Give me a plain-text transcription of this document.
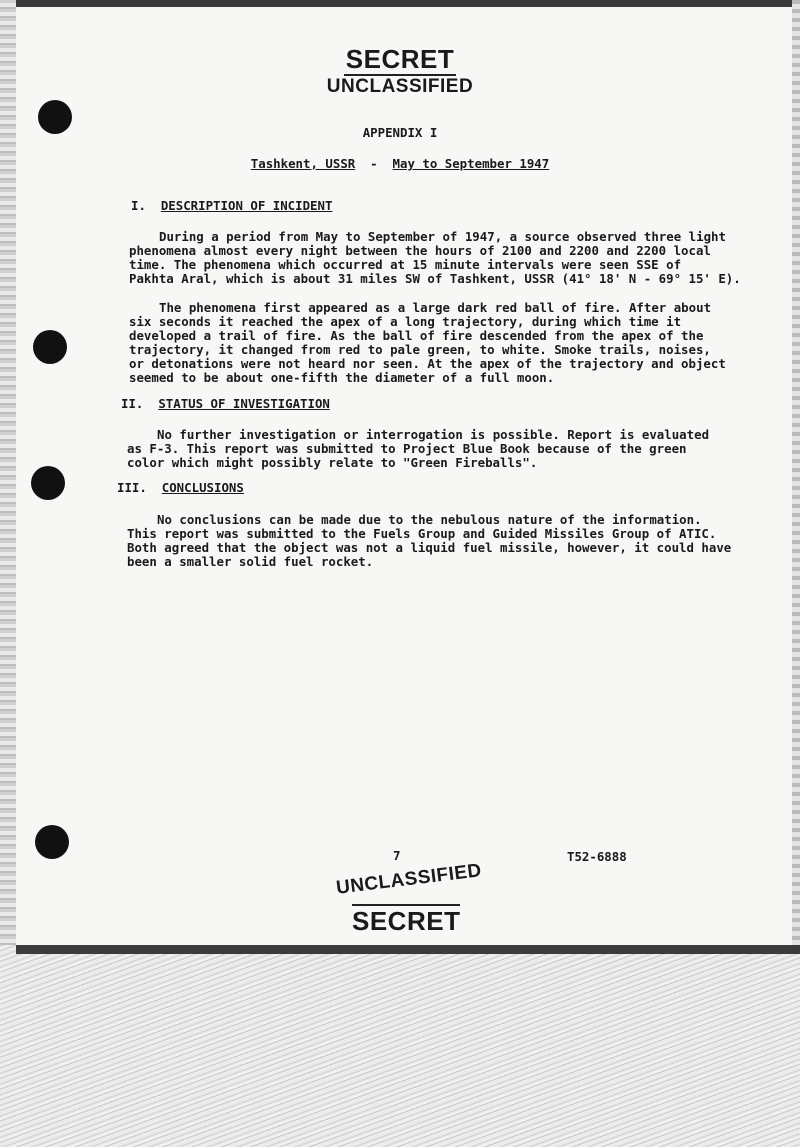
SECRET
UNCLASSIFIED
APPENDIX I
Tashkent, USSR - May to September 1947
I. DESCRIPTION OF INCIDENT
During a period from May to September of 1947, a source observed three light
phenomena almost every night between the hours of 2100 and 2200 and 2200 local
time. The phenomena which occurred at 15 minute intervals were seen SSE of
Pakhta Aral, which is about 31 miles SW of Tashkent, USSR (41° 18' N - 69° 15' E).
The phenomena first appeared as a large dark red ball of fire. After about
six seconds it reached the apex of a long trajectory, during which time it
developed a trail of fire. As the ball of fire descended from the apex of the
trajectory, it changed from red to pale green, to white. Smoke trails, noises,
or detonations were not heard nor seen. At the apex of the trajectory and object
seemed to be about one-fifth the diameter of a full moon.
II. STATUS OF INVESTIGATION
No further investigation or interrogation is possible. Report is evaluated
as F-3. This report was submitted to Project Blue Book because of the green
color which might possibly relate to "Green Fireballs".
III. CONCLUSIONS
No conclusions can be made due to the nebulous nature of the information.
This report was submitted to the Fuels Group and Guided Missiles Group of ATIC.
Both agreed that the object was not a liquid fuel missile, however, it could have
been a smaller solid fuel rocket.
7	T52-6888
UNCLASSIFIED
SECRET
